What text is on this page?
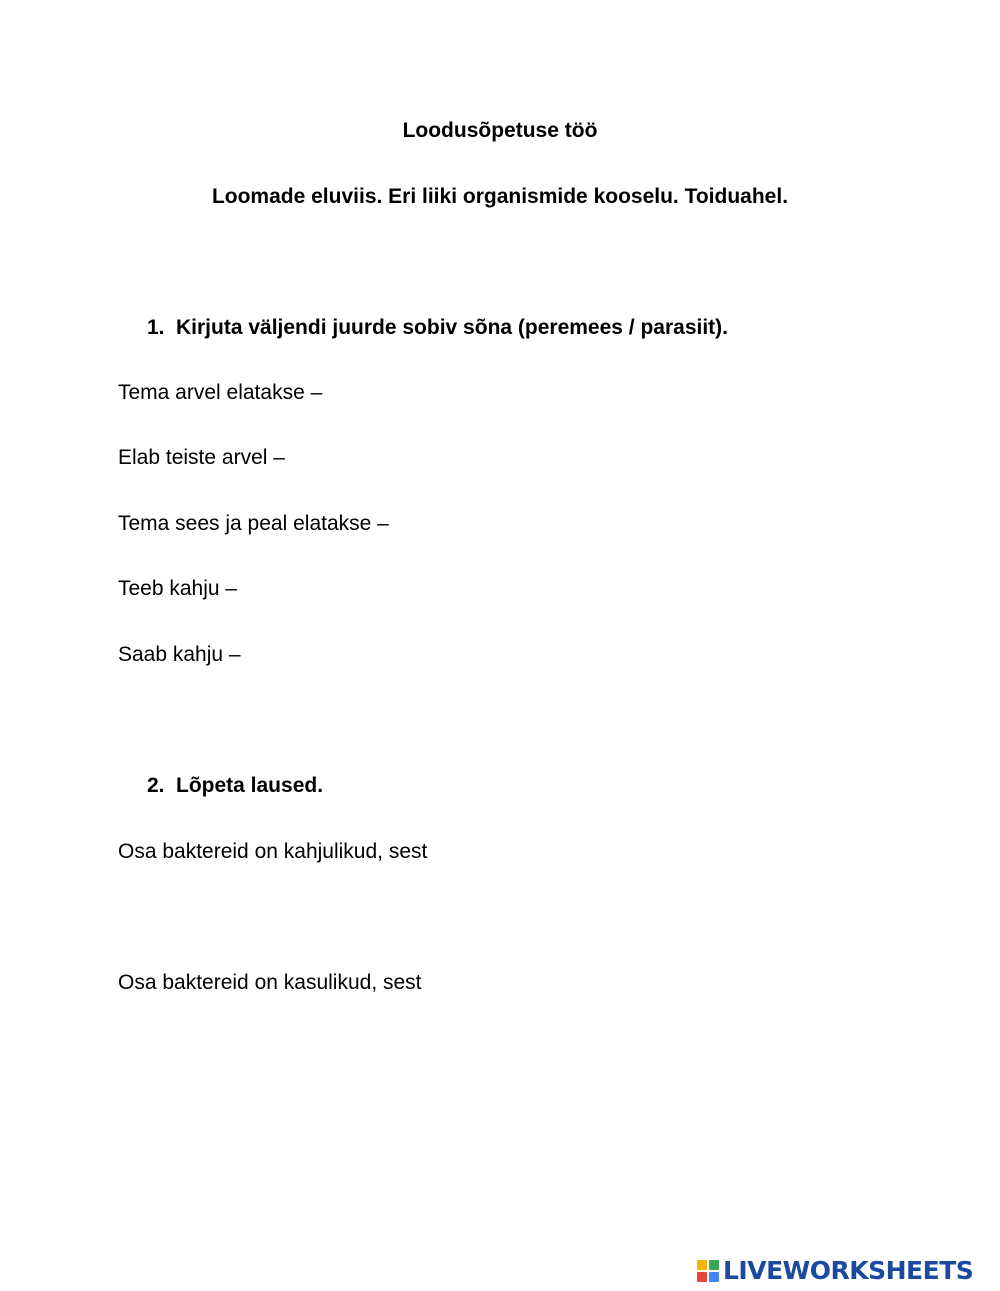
Loodusõpetuse töö
Loomade eluviis. Eri liiki organismide kooselu. Toiduahel.
1. Kirjuta väljendi juurde sobiv sõna (peremees / parasiit).
Tema arvel elatakse –
Elab teiste arvel –
Tema sees ja peal elatakse –
Teeb kahju –
Saab kahju –
2. Lõpeta laused.
Osa baktereid on kahjulikud, sest
Osa baktereid on kasulikud, sest
LIVEWORKSHEETS
